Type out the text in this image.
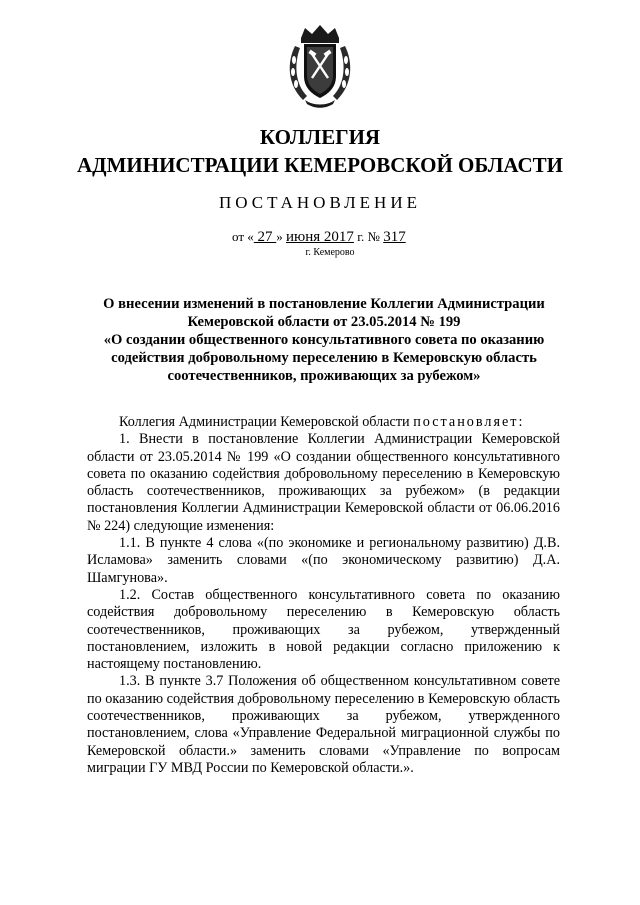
КОЛЛЕГИЯ
АДМИНИСТРАЦИИ КЕМЕРОВСКОЙ ОБЛАСТИ
ПОСТАНОВЛЕНИЕ
от « 27 » июня 2017 г. № 317
г. Кемерово
О внесении изменений в постановление Коллегии Администрации
Кемеровской области от 23.05.2014 № 199
«О создании общественного консультативного совета по оказанию
содействия добровольному переселению в Кемеровскую область
соотечественников, проживающих за рубежом»

Коллегия Администрации Кемеровской области постановляет:

1. Внести в постановление Коллегии Администрации Кемеровской области от 23.05.2014 № 199 «О создании общественного консультативного совета по оказанию содействия добровольному переселению в Кемеровскую область соотечественников, проживающих за рубежом» (в редакции постановления Коллегии Администрации Кемеровской области от 06.06.2016 № 224) следующие изменения:

1.1. В пункте 4 слова «(по экономике и региональному развитию) Д.В. Исламова» заменить словами «(по экономическому развитию) Д.А. Шамгунова».

1.2. Состав общественного консультативного совета по оказанию содействия добровольному переселению в Кемеровскую область соотечественников, проживающих за рубежом, утвержденный постановлением, изложить в новой редакции согласно приложению к настоящему постановлению.

1.3. В пункте 3.7 Положения об общественном консультативном совете по оказанию содействия добровольному переселению в Кемеровскую область соотечественников, проживающих за рубежом, утвержденного постановлением, слова «Управление Федеральной миграционной службы по Кемеровской области.» заменить словами «Управление по вопросам миграции ГУ МВД России по Кемеровской области.».
